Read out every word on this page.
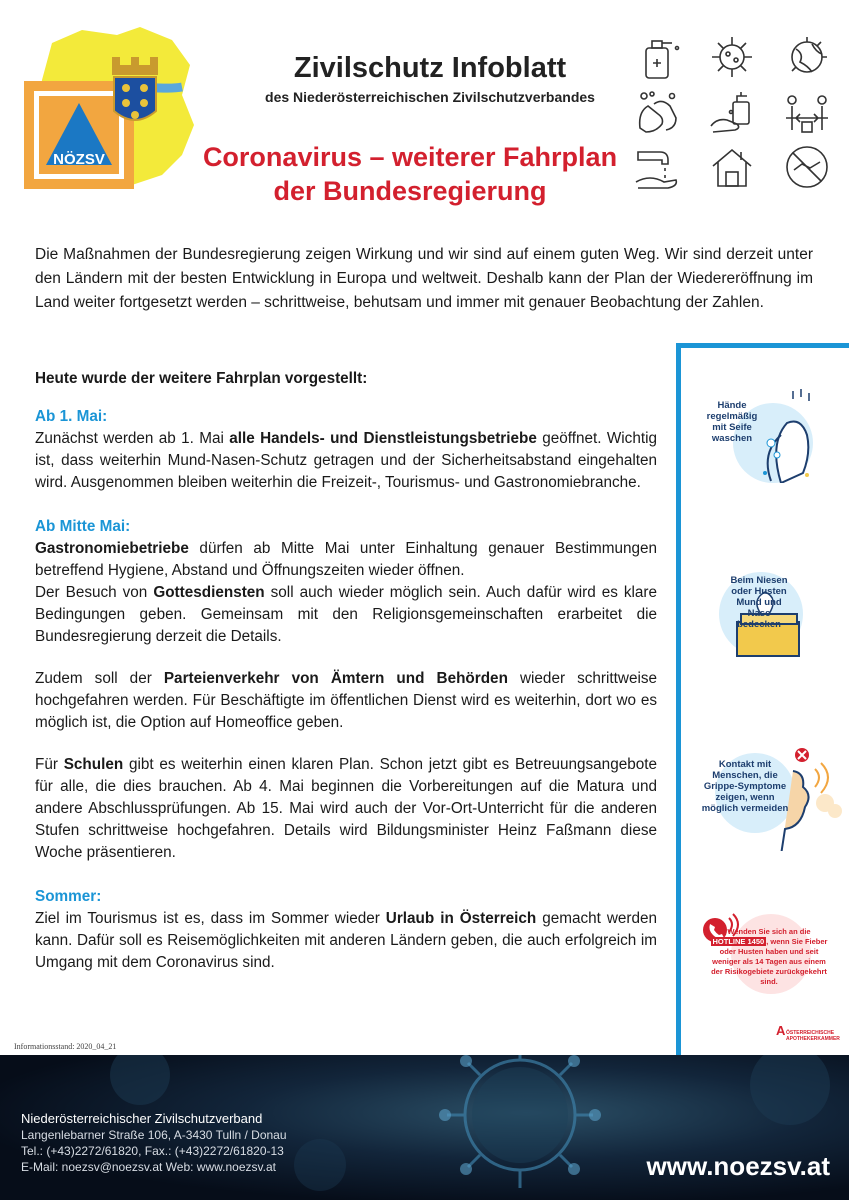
NÖZSV
Zivilschutz Infoblatt
des Niederösterreichischen Zivilschutzverbandes
Coronavirus – weiterer Fahrplan
der Bundesregierung

Die Maßnahmen der Bundesregierung zeigen Wirkung und wir sind auf einem guten Weg. Wir sind derzeit unter den Ländern mit der besten Entwicklung in Europa und weltweit. Deshalb kann der Plan der Wiedereröffnung im Land weiter fortgesetzt werden – schrittweise, behutsam und immer mit genauer Beobachtung der Zahlen.

Heute wurde der weitere Fahrplan vorgestellt:

Ab 1. Mai:

Zunächst werden ab 1. Mai alle Handels- und Dienstleistungsbetriebe geöffnet. Wichtig ist, dass weiterhin Mund-Nasen-Schutz getragen und der Sicherheitsabstand eingehalten wird. Ausgenommen bleiben weiterhin die Freizeit-, Tourismus- und Gastronomiebranche.

Ab Mitte Mai:

Gastronomiebetriebe dürfen ab Mitte Mai unter Einhaltung genauer Bestimmungen betreffend Hygiene, Abstand und Öffnungszeiten wieder öffnen.

Der Besuch von Gottesdiensten soll auch wieder möglich sein. Auch dafür wird es klare Bedingungen geben. Gemeinsam mit den Religionsgemeinschaften erarbeitet die Bundesregierung derzeit die Details.

Zudem soll der Parteienverkehr von Ämtern und Behörden wieder schrittweise hochgefahren werden. Für Beschäftigte im öffentlichen Dienst wird es weiterhin, dort wo es möglich ist, die Option auf Homeoffice geben.

Für Schulen gibt es weiterhin einen klaren Plan. Schon jetzt gibt es Betreuungsangebote für alle, die dies brauchen. Ab 4. Mai beginnen die Vorbereitungen auf die Matura und andere Abschlussprüfungen. Ab 15. Mai wird auch der Vor-Ort-Unterricht für die anderen Stufen schrittweise hochgefahren. Details wird Bildungsminister Heinz Faßmann diese Woche präsentieren.

Sommer:

Ziel im Tourismus ist es, dass im Sommer wieder Urlaub in Österreich gemacht werden kann. Dafür soll es Reisemöglichkeiten mit anderen Ländern geben, die auch erfolgreich im Umgang mit dem Coronavirus sind.

Hände regelmäßig mit Seife waschen
Beim Niesen oder Husten Mund und Nase bedecken
Kontakt mit Menschen, die Grippe-Symptome zeigen, wenn möglich vermeiden
Wenden Sie sich an die HOTLINE 1450 , wenn Sie Fieber oder Husten haben und seit weniger als 14 Tagen aus einem der Risikogebiete zurückgekehrt sind.
A ÖSTERREICHISCHE APOTHEKERKAMMER
Informationsstand: 2020_04_21
Niederösterreichischer Zivilschutzverband
Langenlebarner Straße 106, A-3430 Tulln / Donau
Tel.: (+43)2272/61820, Fax.: (+43)2272/61820-13
E-Mail: noezsv@noezsv.at Web: www.noezsv.at	www.noezsv.at
